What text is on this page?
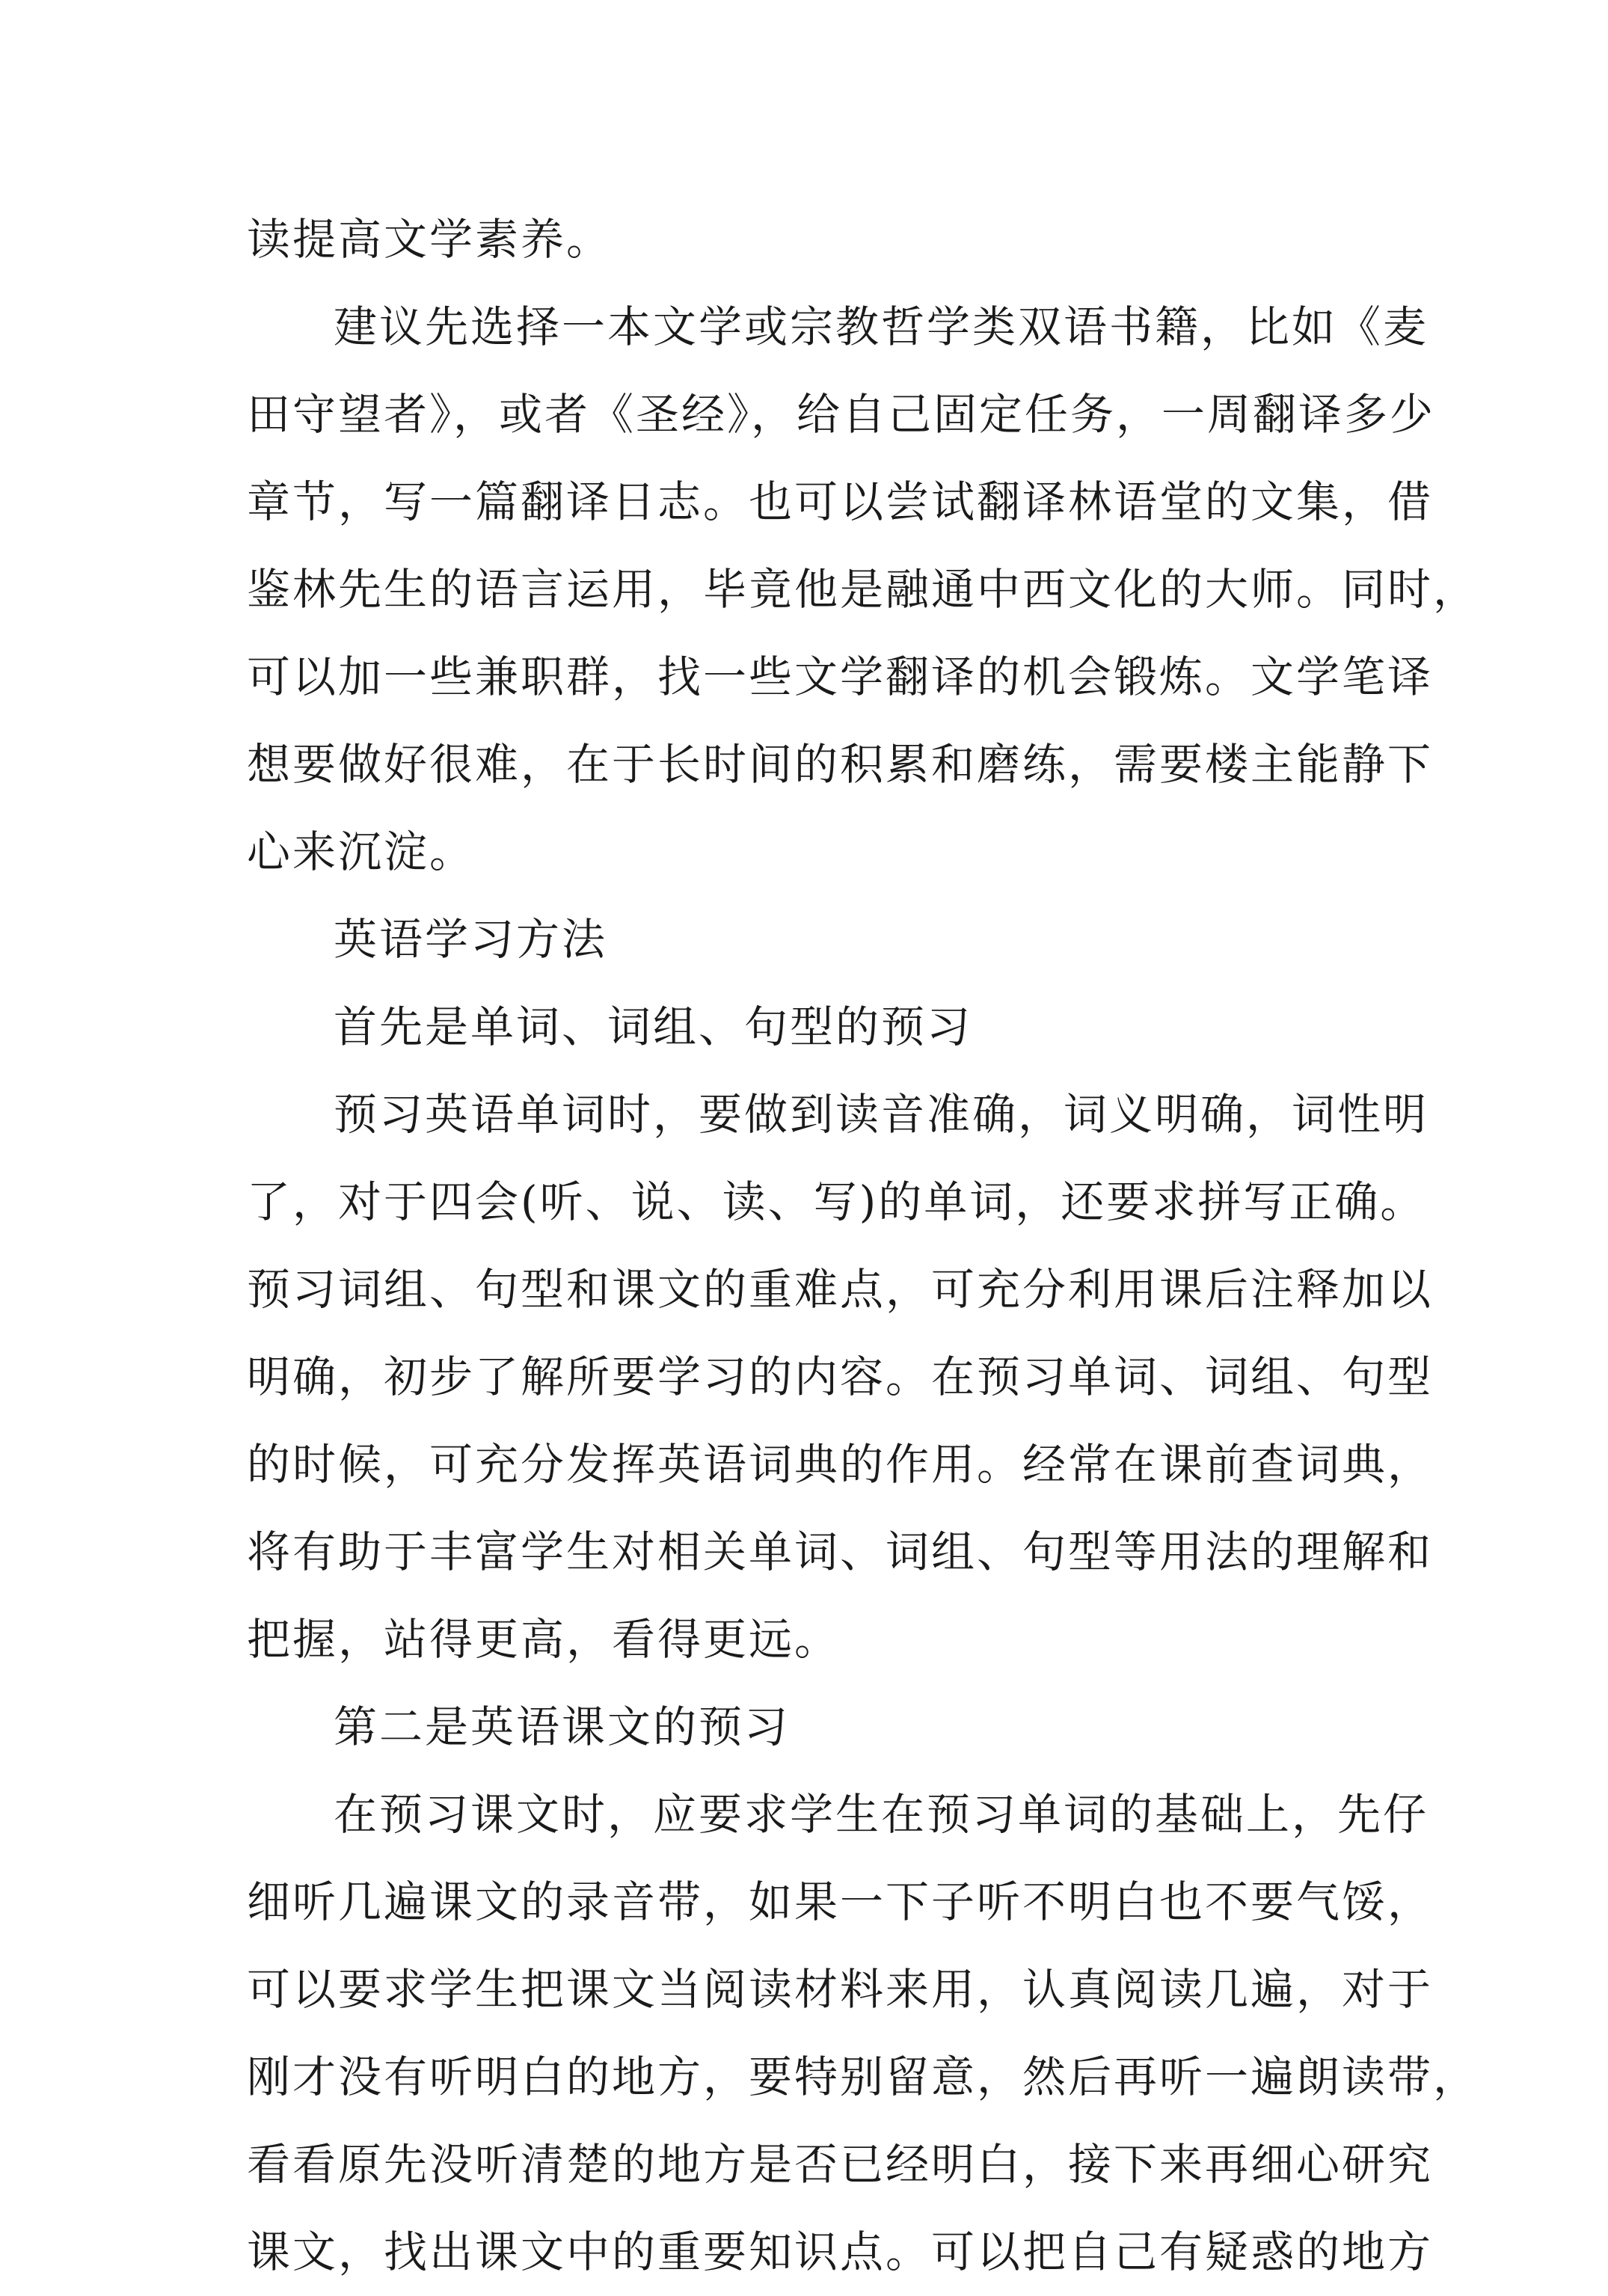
读提高文学素养。
建议先选择一本文学或宗教哲学类双语书籍，比如《麦
田守望者》，或者《圣经》，给自己固定任务，一周翻译多少
章节，写一篇翻译日志。也可以尝试翻译林语堂的文集，借
鉴林先生的语言运用，毕竟他是融通中西文化的大师。同时，
可以加一些兼职群，找一些文学翻译的机会锻炼。文学笔译
想要做好很难，在于长时间的积累和磨练，需要楼主能静下
心来沉淀。
英语学习方法
首先是单词、词组、句型的预习
预习英语单词时，要做到读音准确，词义明确，词性明
了，对于四会(听、说、读、写)的单词，还要求拼写正确。
预习词组、句型和课文的重难点，可充分利用课后注释加以
明确，初步了解所要学习的内容。在预习单词、词组、句型
的时候，可充分发挥英语词典的作用。经常在课前查词典，
将有助于丰富学生对相关单词、词组、句型等用法的理解和
把握，站得更高，看得更远。
第二是英语课文的预习
在预习课文时，应要求学生在预习单词的基础上，先仔
细听几遍课文的录音带，如果一下子听不明白也不要气馁，
可以要求学生把课文当阅读材料来用，认真阅读几遍，对于
刚才没有听明白的地方，要特别留意，然后再听一遍朗读带，
看看原先没听清楚的地方是否已经明白，接下来再细心研究
课文，找出课文中的重要知识点。可以把自己有疑惑的地方
